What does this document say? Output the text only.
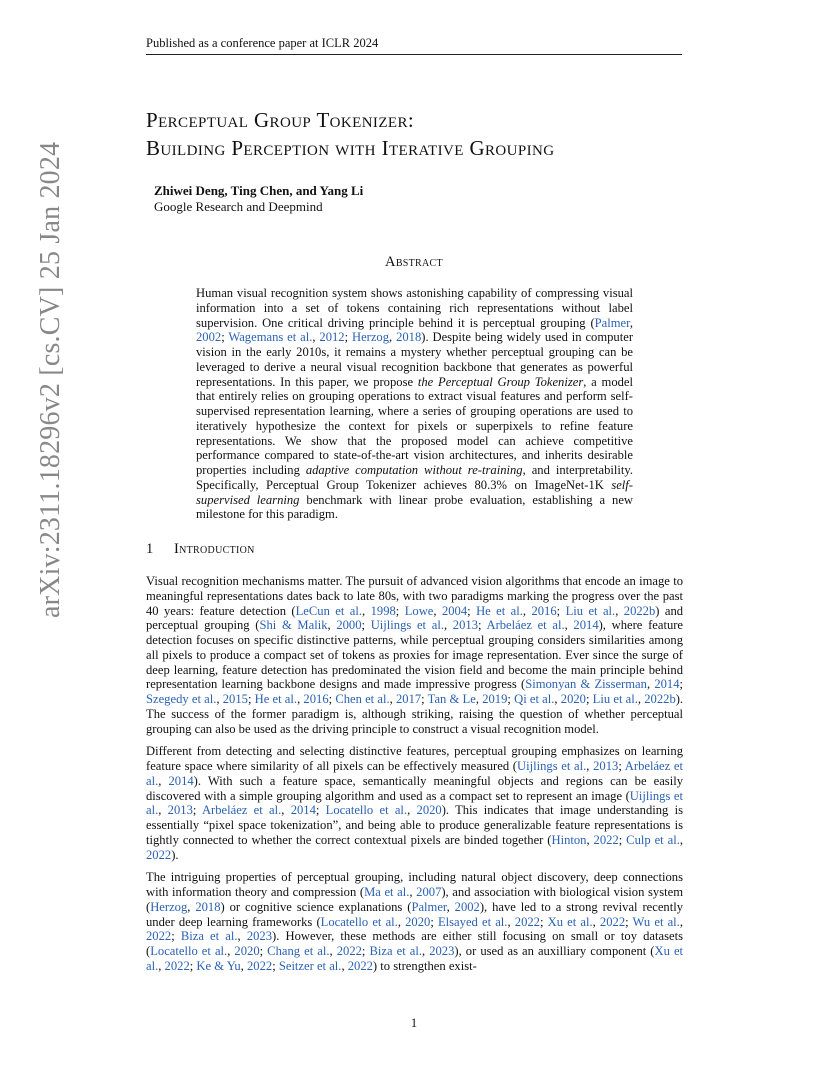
Published as a conference paper at ICLR 2024
arXiv:2311.18296v2 [cs.CV] 25 Jan 2024
Perceptual Group Tokenizer:
Building Perception with Iterative Grouping
Zhiwei Deng, Ting Chen, and Yang Li
Google Research and Deepmind
Abstract

Human visual recognition system shows astonishing capability of compressing visual information into a set of tokens containing rich representations without label supervision. One critical driving principle behind it is perceptual grouping (Palmer, 2002; Wagemans et al., 2012; Herzog, 2018). Despite being widely used in computer vision in the early 2010s, it remains a mystery whether perceptual grouping can be leveraged to derive a neural visual recognition backbone that generates as powerful representations. In this paper, we propose the Perceptual Group Tokenizer, a model that entirely relies on grouping operations to extract visual features and perform self-supervised representation learning, where a series of grouping operations are used to iteratively hypothesize the context for pixels or superpixels to refine feature representations. We show that the proposed model can achieve competitive performance compared to state-of-the-art vision architectures, and inherits desirable properties including adaptive computation without re-training, and interpretability. Specifically, Perceptual Group Tokenizer achieves 80.3% on ImageNet-1K self-supervised learning benchmark with linear probe evaluation, establishing a new milestone for this paradigm.

1 Introduction

Visual recognition mechanisms matter. The pursuit of advanced vision algorithms that encode an image to meaningful representations dates back to late 80s, with two paradigms marking the progress over the past 40 years: feature detection (LeCun et al., 1998; Lowe, 2004; He et al., 2016; Liu et al., 2022b) and perceptual grouping (Shi & Malik, 2000; Uijlings et al., 2013; Arbeláez et al., 2014), where feature detection focuses on specific distinctive patterns, while perceptual grouping considers similarities among all pixels to produce a compact set of tokens as proxies for image representation. Ever since the surge of deep learning, feature detection has predominated the vision field and become the main principle behind representation learning backbone designs and made impressive progress (Simonyan & Zisserman, 2014; Szegedy et al., 2015; He et al., 2016; Chen et al., 2017; Tan & Le, 2019; Qi et al., 2020; Liu et al., 2022b). The success of the former paradigm is, although striking, raising the question of whether perceptual grouping can also be used as the driving principle to construct a visual recognition model.

Different from detecting and selecting distinctive features, perceptual grouping emphasizes on learning feature space where similarity of all pixels can be effectively measured (Uijlings et al., 2013; Arbeláez et al., 2014). With such a feature space, semantically meaningful objects and regions can be easily discovered with a simple grouping algorithm and used as a compact set to represent an image (Uijlings et al., 2013; Arbeláez et al., 2014; Locatello et al., 2020). This indicates that image understanding is essentially “pixel space tokenization”, and being able to produce generalizable feature representations is tightly connected to whether the correct contextual pixels are binded together (Hinton, 2022; Culp et al., 2022).

The intriguing properties of perceptual grouping, including natural object discovery, deep connections with information theory and compression (Ma et al., 2007), and association with biological vision system (Herzog, 2018) or cognitive science explanations (Palmer, 2002), have led to a strong revival recently under deep learning frameworks (Locatello et al., 2020; Elsayed et al., 2022; Xu et al., 2022; Wu et al., 2022; Biza et al., 2023). However, these methods are either still focusing on small or toy datasets (Locatello et al., 2020; Chang et al., 2022; Biza et al., 2023), or used as an auxilliary component (Xu et al., 2022; Ke & Yu, 2022; Seitzer et al., 2022) to strengthen exist-

1
